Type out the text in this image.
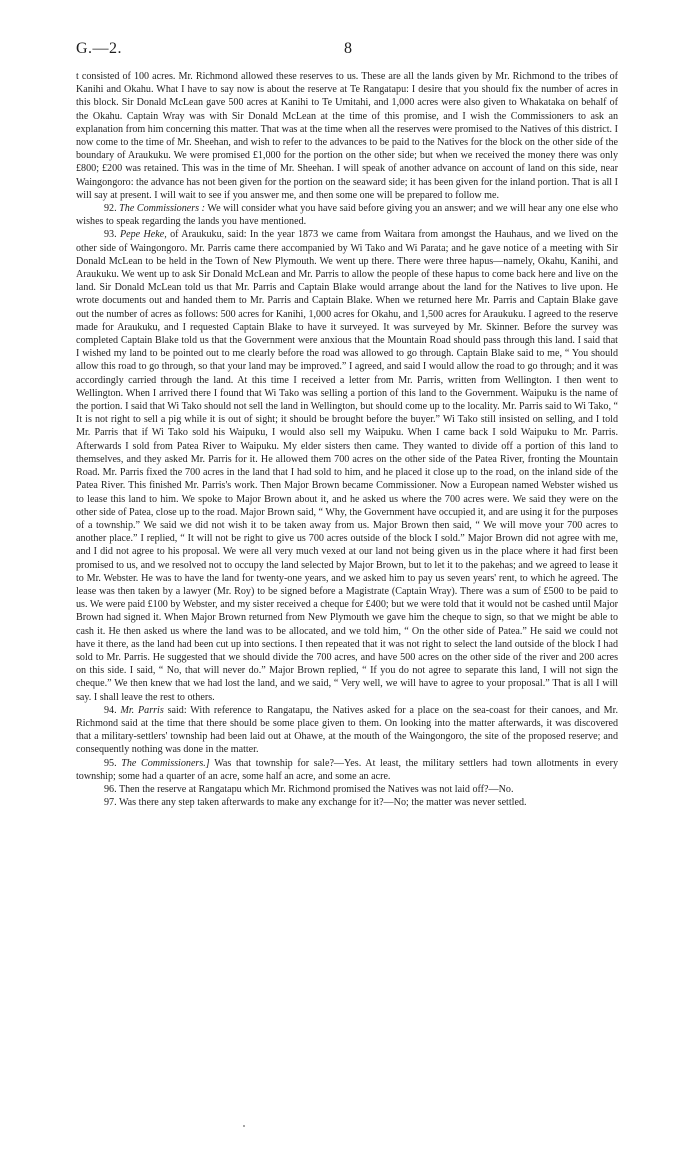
G.—2.	8

t consisted of 100 acres. Mr. Richmond allowed these reserves to us. These are all the lands given by Mr. Richmond to the tribes of Kanihi and Okahu. What I have to say now is about the reserve at Te Rangatapu: I desire that you should fix the number of acres in this block. Sir Donald McLean gave 500 acres at Kanihi to Te Umitahi, and 1,000 acres were also given to Whakataka on behalf of the Okahu. Captain Wray was with Sir Donald McLean at the time of this promise, and I wish the Commissioners to ask an explanation from him concerning this matter. That was at the time when all the reserves were promised to the Natives of this district. I now come to the time of Mr. Sheehan, and wish to refer to the advances to be paid to the Natives for the block on the other side of the boundary of Araukuku. We were promised £1,000 for the portion on the other side; but when we received the money there was only £800; £200 was retained. This was in the time of Mr. Sheehan. I will speak of another advance on account of land on this side, near Waingongoro: the advance has not been given for the portion on the seaward side; it has been given for the inland portion. That is all I will say at present. I will wait to see if you answer me, and then some one will be prepared to follow me.

92. The Commissioners : We will consider what you have said before giving you an answer; and we will hear any one else who wishes to speak regarding the lands you have mentioned.

93. Pepe Heke, of Araukuku, said: In the year 1873 we came from Waitara from amongst the Hauhaus, and we lived on the other side of Waingongoro. Mr. Parris came there accompanied by Wi Tako and Wi Parata; and he gave notice of a meeting with Sir Donald McLean to be held in the Town of New Plymouth. We went up there. There were three hapus—namely, Okahu, Kanihi, and Araukuku. We went up to ask Sir Donald McLean and Mr. Parris to allow the people of these hapus to come back here and live on the land. Sir Donald McLean told us that Mr. Parris and Captain Blake would arrange about the land for the Natives to live upon. He wrote documents out and handed them to Mr. Parris and Captain Blake. When we returned here Mr. Parris and Captain Blake gave out the number of acres as follows: 500 acres for Kanihi, 1,000 acres for Okahu, and 1,500 acres for Araukuku. I agreed to the reserve made for Araukuku, and I requested Captain Blake to have it surveyed. It was surveyed by Mr. Skinner. Before the survey was completed Captain Blake told us that the Government were anxious that the Mountain Road should pass through this land. I said that I wished my land to be pointed out to me clearly before the road was allowed to go through. Captain Blake said to me, “ You should allow this road to go through, so that your land may be improved.” I agreed, and said I would allow the road to go through; and it was accordingly carried through the land. At this time I received a letter from Mr. Parris, written from Wellington. I then went to Wellington. When I arrived there I found that Wi Tako was selling a portion of this land to the Government. Waipuku is the name of the portion. I said that Wi Tako should not sell the land in Wellington, but should come up to the locality. Mr. Parris said to Wi Tako, “ It is not right to sell a pig while it is out of sight; it should be brought before the buyer.” Wi Tako still insisted on selling, and I told Mr. Parris that if Wi Tako sold his Waipuku, I would also sell my Waipuku. When I came back I sold Waipuku to Mr. Parris. Afterwards I sold from Patea River to Waipuku. My elder sisters then came. They wanted to divide off a portion of this land to themselves, and they asked Mr. Parris for it. He allowed them 700 acres on the other side of the Patea River, fronting the Mountain Road. Mr. Parris fixed the 700 acres in the land that I had sold to him, and he placed it close up to the road, on the inland side of the Patea River. This finished Mr. Parris's work. Then Major Brown became Commissioner. Now a European named Webster wished us to lease this land to him. We spoke to Major Brown about it, and he asked us where the 700 acres were. We said they were on the other side of Patea, close up to the road. Major Brown said, “ Why, the Government have occupied it, and are using it for the purposes of a township.” We said we did not wish it to be taken away from us. Major Brown then said, “ We will move your 700 acres to another place.” I replied, “ It will not be right to give us 700 acres outside of the block I sold.” Major Brown did not agree with me, and I did not agree to his proposal. We were all very much vexed at our land not being given us in the place where it had first been promised to us, and we resolved not to occupy the land selected by Major Brown, but to let it to the pakehas; and we agreed to lease it to Mr. Webster. He was to have the land for twenty-one years, and we asked him to pay us seven years' rent, to which he agreed. The lease was then taken by a lawyer (Mr. Roy) to be signed before a Magistrate (Captain Wray). There was a sum of £500 to be paid to us. We were paid £100 by Webster, and my sister received a cheque for £400; but we were told that it would not be cashed until Major Brown had signed it. When Major Brown returned from New Plymouth we gave him the cheque to sign, so that we might be able to cash it. He then asked us where the land was to be allocated, and we told him, “ On the other side of Patea.” He said we could not have it there, as the land had been cut up into sections. I then repeated that it was not right to select the land outside of the block I had sold to Mr. Parris. He suggested that we should divide the 700 acres, and have 500 acres on the other side of the river and 200 acres on this side. I said, “ No, that will never do.” Major Brown replied, “ If you do not agree to separate this land, I will not sign the cheque.” We then knew that we had lost the land, and we said, “ Very well, we will have to agree to your proposal.” That is all I will say. I shall leave the rest to others.

94. Mr. Parris said: With reference to Rangatapu, the Natives asked for a place on the sea-coast for their canoes, and Mr. Richmond said at the time that there should be some place given to them. On looking into the matter afterwards, it was discovered that a military-settlers' township had been laid out at Ohawe, at the mouth of the Waingongoro, the site of the proposed reserve; and consequently nothing was done in the matter.

95. The Commissioners.] Was that township for sale?—Yes. At least, the military settlers had town allotments in every township; some had a quarter of an acre, some half an acre, and some an acre.

96. Then the reserve at Rangatapu which Mr. Richmond promised the Natives was not laid off?—No.

97. Was there any step taken afterwards to make any exchange for it?—No; the matter was never settled.
